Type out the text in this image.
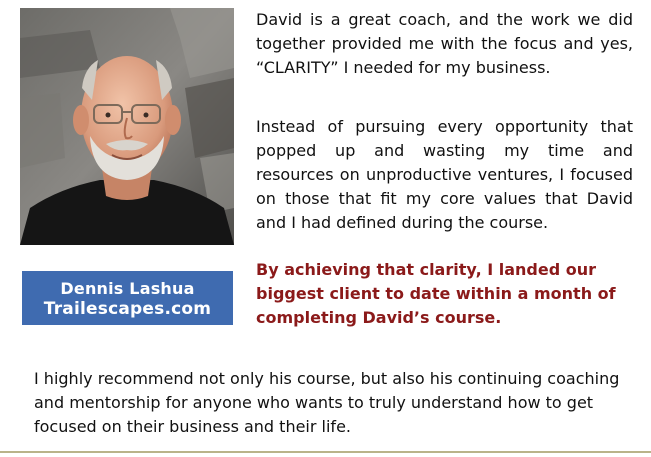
Dennis Lashua
Trailescapes.com

David is a great coach, and the work we did together provided me with the focus and yes, “CLARITY” I needed for my business.

Instead of pursuing every opportunity that popped up and wasting my time and resources on unproductive ventures, I focused on those that fit my core values that David and I had defined during the course.

By achieving that clarity, I landed our biggest client to date within a month of completing David’s course.

I highly recommend not only his course, but also his continuing coaching and mentorship for anyone who wants to truly understand how to get focused on their business and their life.
